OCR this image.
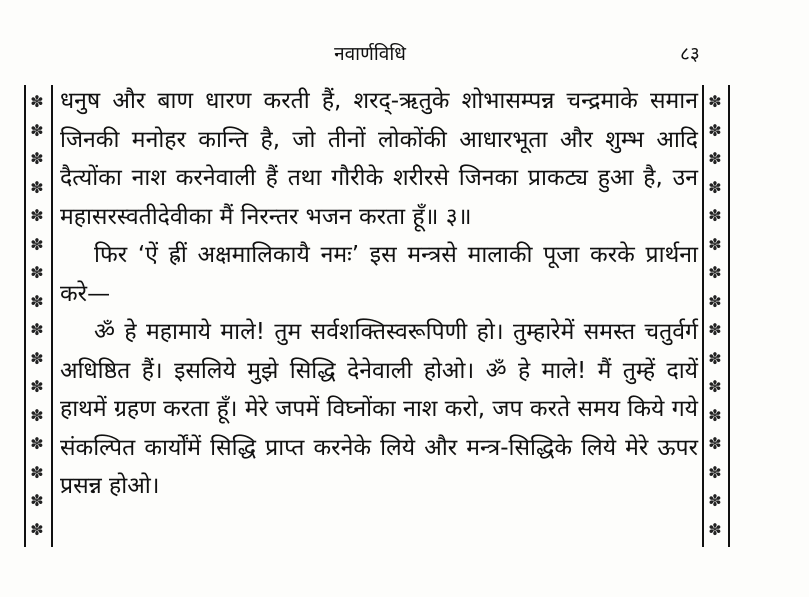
नवार्णविधि	८३
✽
✽
✽
✽
✽
✽
✽
✽
✽
✽
✽
✽
✽
✽
✽
✽
✽
✽
✽
✽
✽
✽
✽
✽
✽
✽
✽
✽
✽
✽
✽
✽

धनुष और बाण धारण करती हैं, शरद्-ऋतुके शोभासम्पन्न चन्द्रमाके समान जिनकी मनोहर कान्ति है, जो तीनों लोकोंकी आधारभूता और शुम्भ आदि दैत्योंका नाश करनेवाली हैं तथा गौरीके शरीरसे जिनका प्राकट्य हुआ है, उन महासरस्वतीदेवीका मैं निरन्तर भजन करता हूँ॥ ३॥

फिर ‘ऐं ह्रीं अक्षमालिकायै नमः’ इस मन्त्रसे मालाकी पूजा करके प्रार्थना करे—

ॐ हे महामाये माले! तुम सर्वशक्तिस्वरूपिणी हो। तुम्हारेमें समस्त चतुर्वर्ग अधिष्ठित हैं। इसलिये मुझे सिद्धि देनेवाली होओ। ॐ हे माले! मैं तुम्हें दायें हाथमें ग्रहण करता हूँ। मेरे जपमें विघ्नोंका नाश करो, जप करते समय किये गये संकल्पित कार्योंमें सिद्धि प्राप्त करनेके लिये और मन्त्र-सिद्धिके लिये मेरे ऊपर प्रसन्न होओ।
